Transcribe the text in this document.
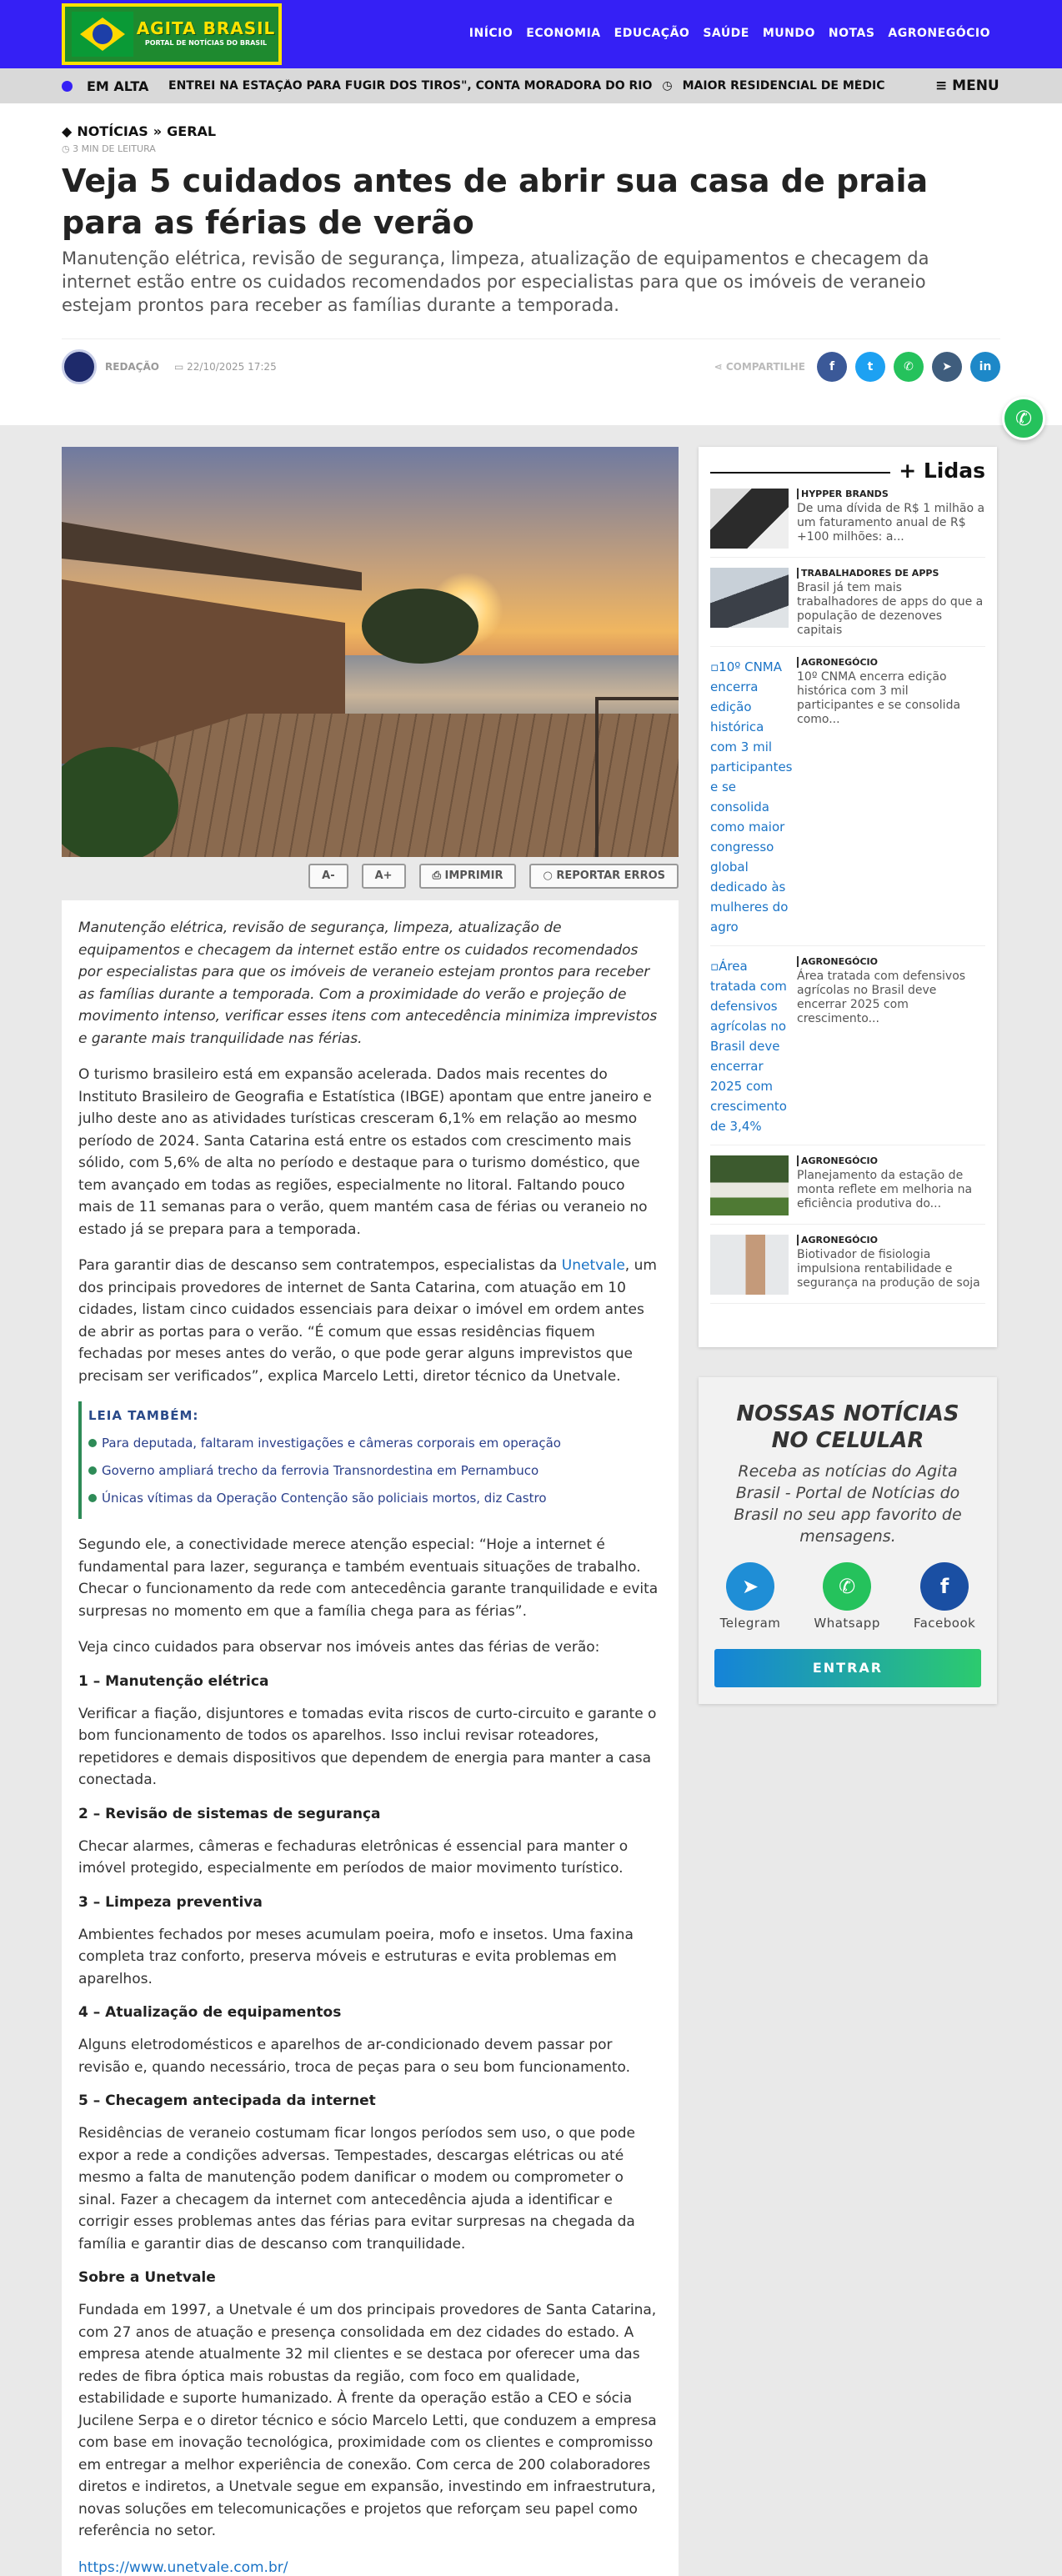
AGITA BRASIL
PORTAL DE NOTÍCIAS DO BRASIL
INÍCIO ECONOMIA EDUCAÇÃO SAÚDE MUNDO NOTAS AGRONEGÓCIO
EM ALTA ENTREI NA ESTAÇÃO PARA FUGIR DOS TIROS", CONTA MORADORA DO RIO ◷ MAIOR RESIDENCIAL DE MÉDIC	≡ MENU
◆ NOTÍCIAS » GERAL
◷ 3 MIN DE LEITURA
Veja 5 cuidados antes de abrir sua casa de praia para as férias de verão
Manutenção elétrica, revisão de segurança, limpeza, atualização de equipamentos e checagem da internet estão entre os cuidados recomendados por especialistas para que os imóveis de veraneio estejam prontos para receber as famílias durante a temporada.
REDAÇÃO ▭ 22/10/2025 17:25	⋖ COMPARTILHE f	t	✆ ➤ in
✆
A-	A+	⎙ IMPRIMIR	○ REPORTAR ERROS

Manutenção elétrica, revisão de segurança, limpeza, atualização de equipamentos e checagem da internet estão entre os cuidados recomendados por especialistas para que os imóveis de veraneio estejam prontos para receber as famílias durante a temporada. Com a proximidade do verão e projeção de movimento intenso, verificar esses itens com antecedência minimiza imprevistos e garante mais tranquilidade nas férias.

O turismo brasileiro está em expansão acelerada. Dados mais recentes do Instituto Brasileiro de Geografia e Estatística (IBGE) apontam que entre janeiro e julho deste ano as atividades turísticas cresceram 6,1% em relação ao mesmo período de 2024. Santa Catarina está entre os estados com crescimento mais sólido, com 5,6% de alta no período e destaque para o turismo doméstico, que tem avançado em todas as regiões, especialmente no litoral. Faltando pouco mais de 11 semanas para o verão, quem mantém casa de férias ou veraneio no estado já se prepara para a temporada.

Para garantir dias de descanso sem contratempos, especialistas da Unetvale, um dos principais provedores de internet de Santa Catarina, com atuação em 10 cidades, listam cinco cuidados essenciais para deixar o imóvel em ordem antes de abrir as portas para o verão. “É comum que essas residências fiquem fechadas por meses antes do verão, o que pode gerar alguns imprevistos que precisam ser verificados”, explica Marcelo Letti, diretor técnico da Unetvale.

LEIA TAMBÉM:
Para deputada, faltaram investigações e câmeras corporais em operação
Governo ampliará trecho da ferrovia Transnordestina em Pernambuco
Únicas vítimas da Operação Contenção são policiais mortos, diz Castro

Segundo ele, a conectividade merece atenção especial: “Hoje a internet é fundamental para lazer, segurança e também eventuais situações de trabalho. Checar o funcionamento da rede com antecedência garante tranquilidade e evita surpresas no momento em que a família chega para as férias”.

Veja cinco cuidados para observar nos imóveis antes das férias de verão:

1 – Manutenção elétrica

Verificar a fiação, disjuntores e tomadas evita riscos de curto-circuito e garante o bom funcionamento de todos os aparelhos. Isso inclui revisar roteadores, repetidores e demais dispositivos que dependem de energia para manter a casa conectada.

2 – Revisão de sistemas de segurança

Checar alarmes, câmeras e fechaduras eletrônicas é essencial para manter o imóvel protegido, especialmente em períodos de maior movimento turístico.

3 – Limpeza preventiva

Ambientes fechados por meses acumulam poeira, mofo e insetos. Uma faxina completa traz conforto, preserva móveis e estruturas e evita problemas em aparelhos.

4 – Atualização de equipamentos

Alguns eletrodomésticos e aparelhos de ar-condicionado devem passar por revisão e, quando necessário, troca de peças para o seu bom funcionamento.

5 – Checagem antecipada da internet

Residências de veraneio costumam ficar longos períodos sem uso, o que pode expor a rede a condições adversas. Tempestades, descargas elétricas ou até mesmo a falta de manutenção podem danificar o modem ou comprometer o sinal. Fazer a checagem da internet com antecedência ajuda a identificar e corrigir esses problemas antes das férias para evitar surpresas na chegada da família e garantir dias de descanso com tranquilidade.

Sobre a Unetvale

Fundada em 1997, a Unetvale é um dos principais provedores de Santa Catarina, com 27 anos de atuação e presença consolidada em dez cidades do estado. A empresa atende atualmente 32 mil clientes e se destaca por oferecer uma das redes de fibra óptica mais robustas da região, com foco em qualidade, estabilidade e suporte humanizado. À frente da operação estão a CEO e sócia Jucilene Serpa e o diretor técnico e sócio Marcelo Letti, que conduzem a empresa com base em inovação tecnológica, proximidade com os clientes e compromisso em entregar a melhor experiência de conexão. Com cerca de 200 colaboradores diretos e indiretos, a Unetvale segue em expansão, investindo em infraestrutura, novas soluções em telecomunicações e projetos que reforçam seu papel como referência no setor.

https://www.unetvale.com.br/

+ Lidas
HYPPER BRANDS
De uma dívida de R$ 1 milhão a um faturamento anual de R$ +100 milhões: a...
TRABALHADORES DE APPS
Brasil já tem mais trabalhadores de apps do que a população de dezenoves capitais
▫10º CNMA encerra edição histórica com 3 mil participantes e se consolida como maior congresso global dedicado às mulheres do agro
AGRONEGÓCIO
10º CNMA encerra edição histórica com 3 mil participantes e se consolida como...
▫Área tratada com defensivos agrícolas no Brasil deve encerrar 2025 com crescimento de 3,4%
AGRONEGÓCIO
Área tratada com defensivos agrícolas no Brasil deve encerrar 2025 com crescimento...
AGRONEGÓCIO
Planejamento da estação de monta reflete em melhoria na eficiência produtiva do...
AGRONEGÓCIO
Biotivador de fisiologia impulsiona rentabilidade e segurança na produção de soja
NOSSAS NOTÍCIAS NO CELULAR
Receba as notícias do Agita Brasil - Portal de Notícias do Brasil no seu app favorito de mensagens.
➤
Telegram
✆
Whatsapp
f
Facebook
ENTRAR
